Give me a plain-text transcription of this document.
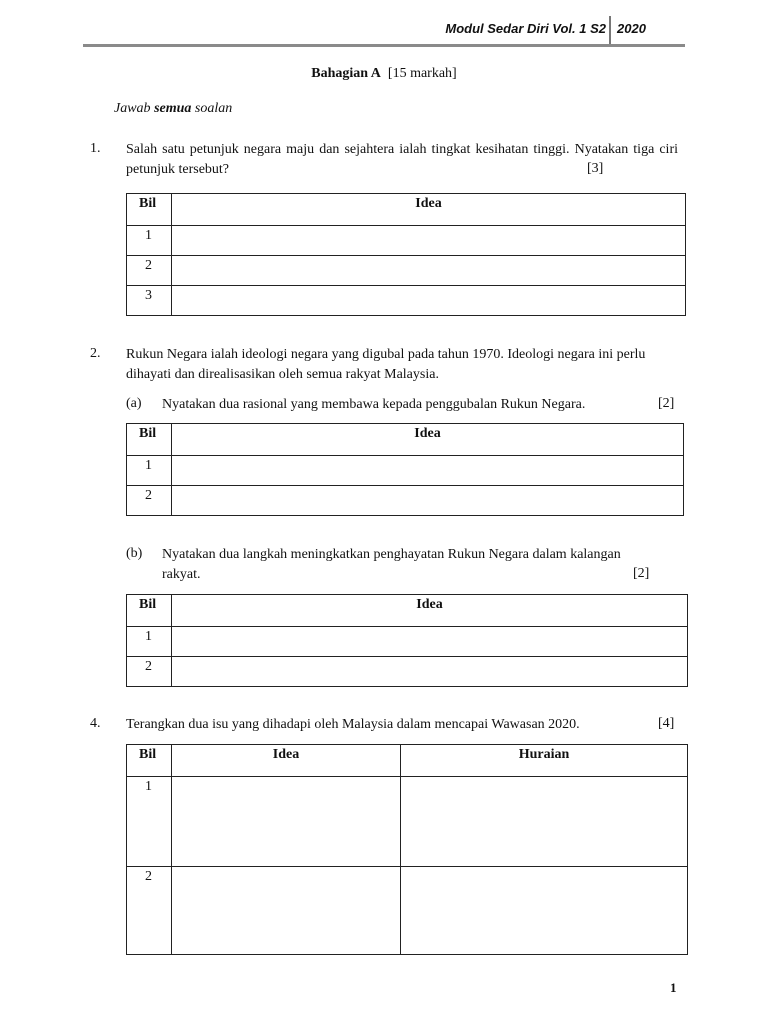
Modul Sedar Diri Vol. 1 S2 2020
Bahagian A [15 markah]
Jawab semua soalan
1. Salah satu petunjuk negara maju dan sejahtera ialah tingkat kesihatan tinggi. Nyatakan tiga ciri petunjuk tersebut?	[3]
Bil	Idea
1	
2	
3	
2. Rukun Negara ialah ideologi negara yang digubal pada tahun 1970. Ideologi negara ini perlu dihayati dan direalisasikan oleh semua rakyat Malaysia.
(a) Nyatakan dua rasional yang membawa kepada penggubalan Rukun Negara.	[2]
Bil	Idea
1	
2	
(b) Nyatakan dua langkah meningkatkan penghayatan Rukun Negara dalam kalangan rakyat.	[2]
Bil	Idea
1	
2	
4. Terangkan dua isu yang dihadapi oleh Malaysia dalam mencapai Wawasan 2020.	[4]
Bil	Idea	Huraian
1		
2		
1
